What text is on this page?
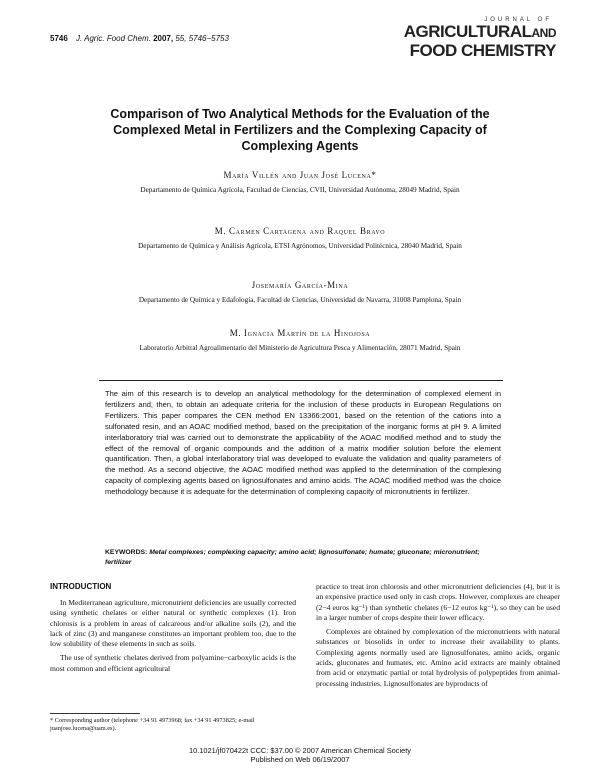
5746 J. Agric. Food Chem. 2007, 55, 5746−5753
JOURNAL OF
AGRICULTURALAND
FOOD CHEMISTRY
Comparison of Two Analytical Methods for the Evaluation of the Complexed Metal in Fertilizers and the Complexing Capacity of Complexing Agents
María Villén and Juan José Lucena*
Departamento de Química Agrícola, Facultad de Ciencias, CVII, Universidad Autónoma, 28049 Madrid, Spain
M. Carmen Cartagena and Raquel Bravo
Departamento de Química y Análisis Agrícola, ETSI Agrónomos, Universidad Politécnica, 28040 Madrid, Spain
Josemaría García-Mina
Departamento de Química y Edafología, Facultad de Ciencias, Universidad de Navarra, 31008 Pamplona, Spain
M. Ignacia Martín de la Hinojosa
Laboratorio Arbitral Agroalimentario del Ministerio de Agricultura Pesca y Alimentación, 28071 Madrid, Spain
The aim of this research is to develop an analytical methodology for the determination of complexed element in fertilizers and, then, to obtain an adequate criteria for the inclusion of these products in European Regulations on Fertilizers. This paper compares the CEN method EN 13366:2001, based on the retention of the cations into a sulfonated resin, and an AOAC modified method, based on the precipitation of the inorganic forms at pH 9. A limited interlaboratory trial was carried out to demonstrate the applicability of the AOAC modified method and to study the effect of the removal of organic compounds and the addition of a matrix modifier solution before the element quantification. Then, a global interlaboratory trial was developed to evaluate the validation and quality parameters of the method. As a second objective, the AOAC modified method was applied to the determination of the complexing capacity of complexing agents based on lignosulfonates and amino acids. The AOAC modified method was the choice methodology because it is adequate for the determination of complexing capacity of micronutrients in fertilizer.
KEYWORDS: Metal complexes; complexing capacity; amino acid; lignosulfonate; humate; gluconate; micronutrient; fertilizer
INTRODUCTION

In Mediterranean agriculture, micronutrient deficiencies are usually corrected using synthetic chelates or either natural or synthetic complexes (1). Iron chlorosis is a problem in areas of calcareous and/or alkaline soils (2), and the lack of zinc (3) and manganese constitutes an important problem too, due to the low solubility of these elements in such as soils.

The use of synthetic chelates derived from polyamine−carboxylic acids is the most common and efficient agricultural

practice to treat iron chlorosis and other micronutrient deficiencies (4), but it is an expensive practice used only in cash crops. However, complexes are cheaper (2−4 euros kg⁻¹) than synthetic chelates (6−12 euros kg⁻¹), so they can be used in a larger number of crops despite their lower efficacy.

Complexes are obtained by complexation of the micronutrients with natural substances or biosolids in order to increase their availability to plants. Complexing agents normally used are lignosulfonates, amino acids, organic acids, gluconates and humates, etc. Amino acid extracts are mainly obtained from acid or enzymatic partial or total hydrolysis of polypeptides from animal-processing industries. Lignosulfonates are byproducts of

* Corresponding author (telephone +34 91 4973968; fax +34 91 4973825; e-mail juanjose.lucena@uam.es).
10.1021/jf070422t CCC: $37.00 © 2007 American Chemical Society
Published on Web 06/19/2007
